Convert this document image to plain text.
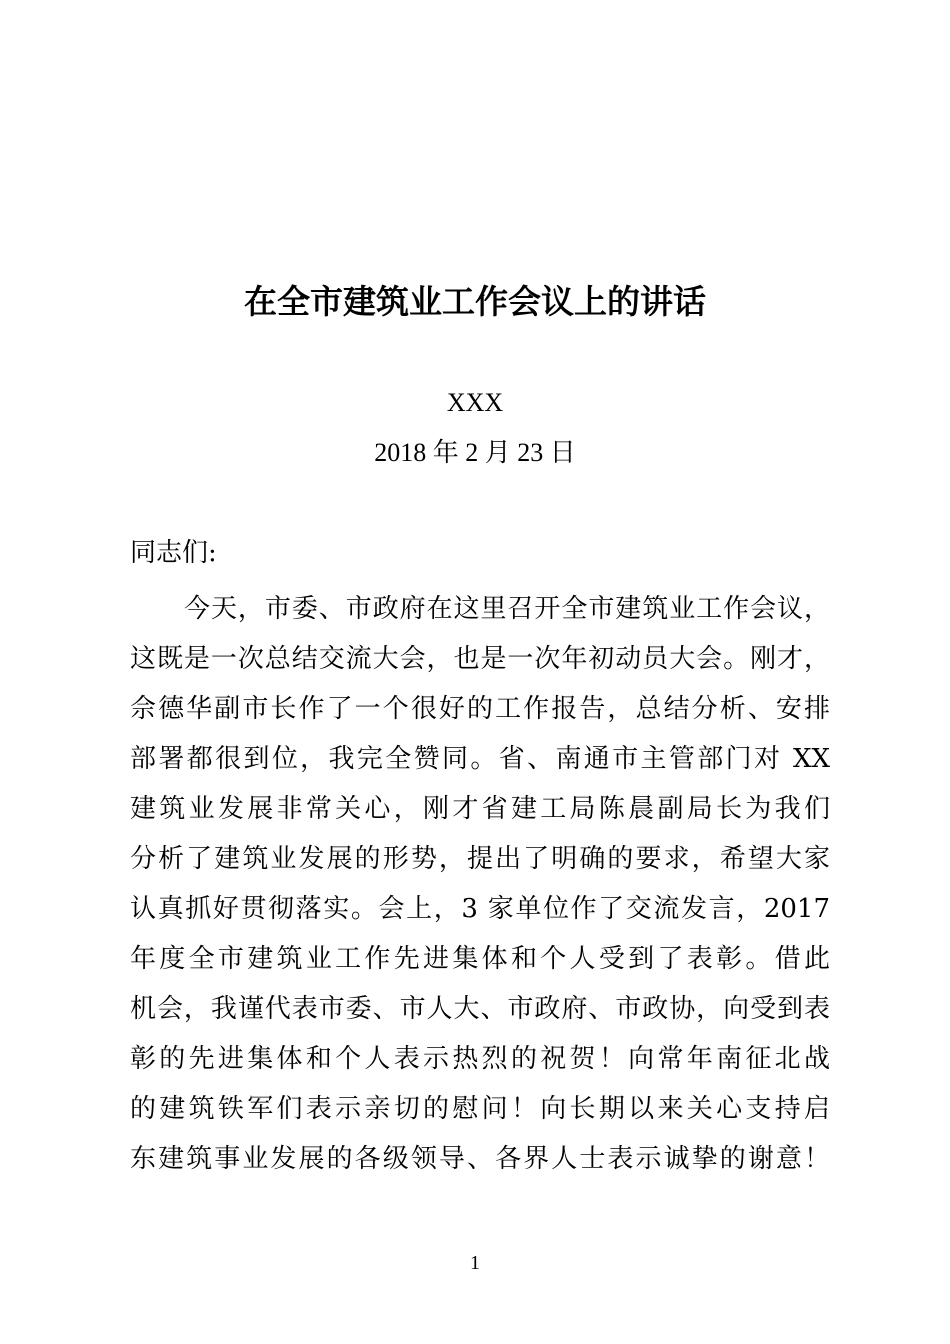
在全市建筑业工作会议上的讲话
XXX
2018 年 2 月 23 日
同志们:
今天，市委、市政府在这里召开全市建筑业工作会议，
这既是一次总结交流大会，也是一次年初动员大会。刚才，
佘德华副市长作了一个很好的工作报告，总结分析、安排
部署都很到位，我完全赞同。省、南通市主管部门对 XX
建筑业发展非常关心，刚才省建工局陈晨副局长为我们
分析了建筑业发展的形势，提出了明确的要求，希望大家
认真抓好贯彻落实。会上，3 家单位作了交流发言，2017
年度全市建筑业工作先进集体和个人受到了表彰。借此
机会，我谨代表市委、市人大、市政府、市政协，向受到表
彰的先进集体和个人表示热烈的祝贺！向常年南征北战
的建筑铁军们表示亲切的慰问！向长期以来关心支持启
东建筑事业发展的各级领导、各界人士表示诚挚的谢意！
1
